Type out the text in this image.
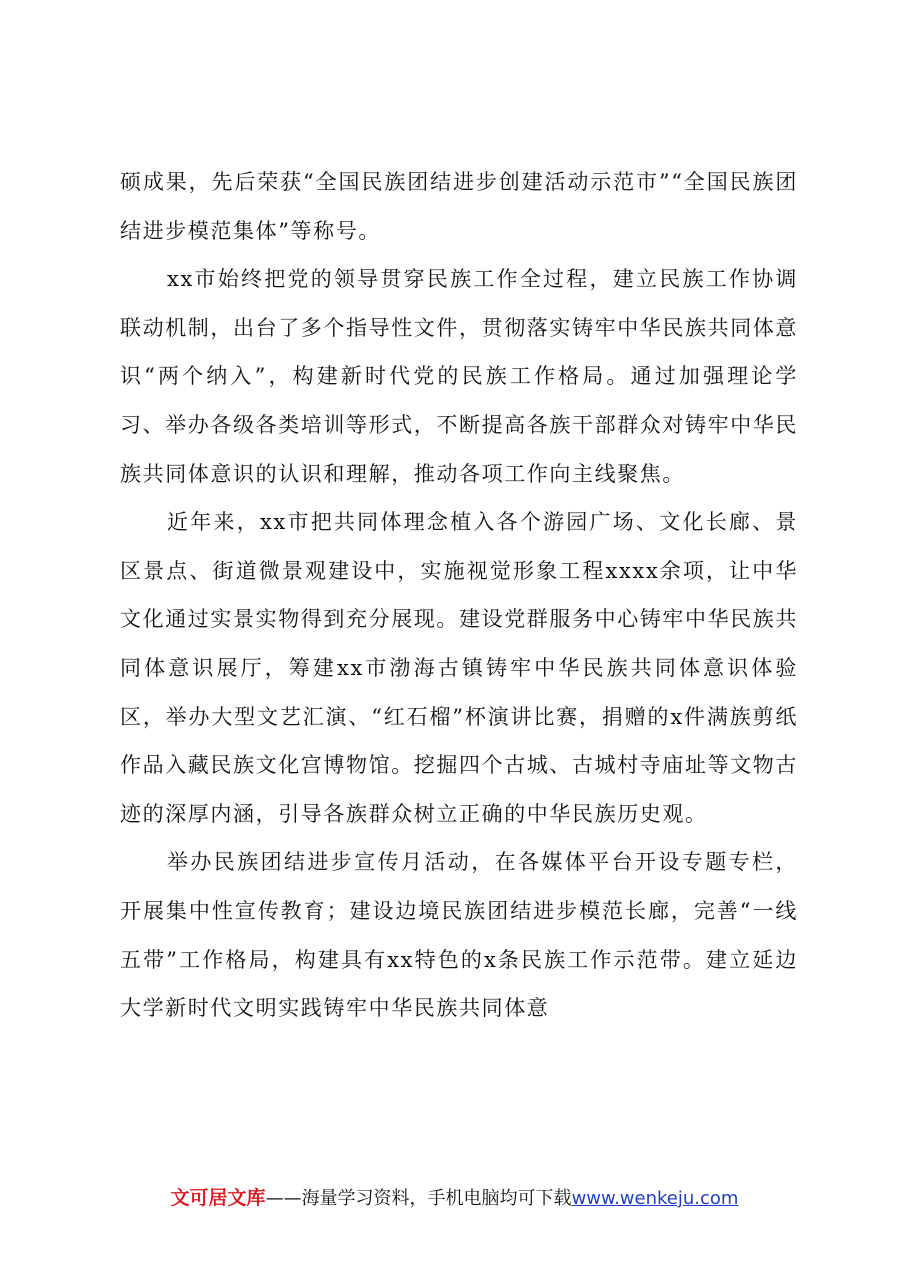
硕成果，先后荣获“全国民族团结进步创建活动示范市”“全国民族团结进步模范集体”等称号。

xx市始终把党的领导贯穿民族工作全过程，建立民族工作协调联动机制，出台了多个指导性文件，贯彻落实铸牢中华民族共同体意识“两个纳入”，构建新时代党的民族工作格局。通过加强理论学习、举办各级各类培训等形式，不断提高各族干部群众对铸牢中华民族共同体意识的认识和理解，推动各项工作向主线聚焦。

近年来，xx市把共同体理念植入各个游园广场、文化长廊、景区景点、街道微景观建设中，实施视觉形象工程xxxx余项，让中华文化通过实景实物得到充分展现。建设党群服务中心铸牢中华民族共同体意识展厅，筹建xx市渤海古镇铸牢中华民族共同体意识体验区，举办大型文艺汇演、“红石榴”杯演讲比赛，捐赠的x件满族剪纸作品入藏民族文化宫博物馆。挖掘四个古城、古城村寺庙址等文物古迹的深厚内涵，引导各族群众树立正确的中华民族历史观。

举办民族团结进步宣传月活动，在各媒体平台开设专题专栏，开展集中性宣传教育；建设边境民族团结进步模范长廊，完善“一线五带”工作格局，构建具有xx特色的x条民族工作示范带。建立延边大学新时代文明实践铸牢中华民族共同体意

文可居文库——海量学习资料，手机电脑均可下载www.wenkeju.com
